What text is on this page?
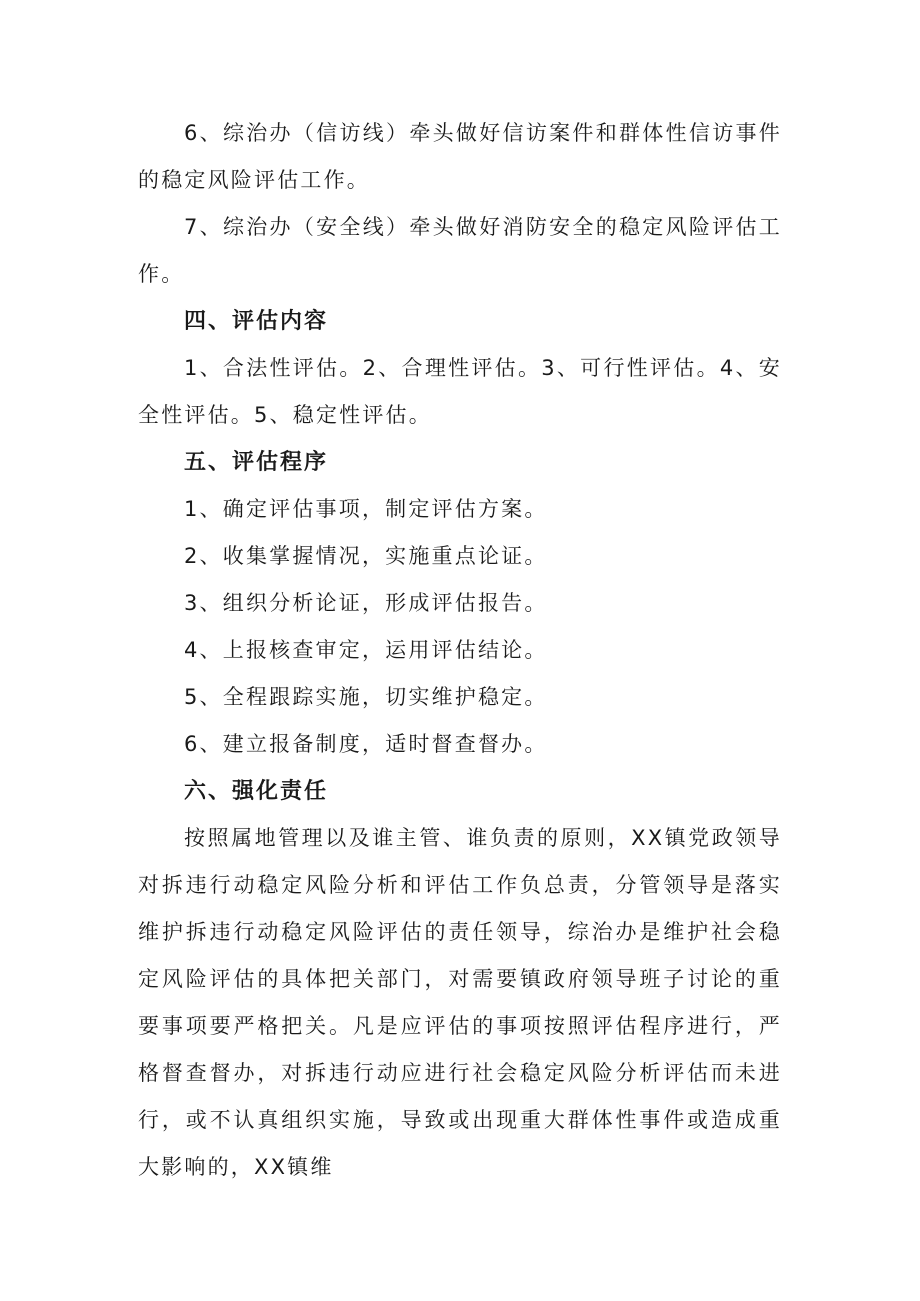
6、综治办（信访线）牵头做好信访案件和群体性信访事件的稳定风险评估工作。

7、综治办（安全线）牵头做好消防安全的稳定风险评估工作。

四、评估内容

1、合法性评估。2、合理性评估。3、可行性评估。4、安全性评估。5、稳定性评估。

五、评估程序

1、确定评估事项，制定评估方案。

2、收集掌握情况，实施重点论证。

3、组织分析论证，形成评估报告。

4、上报核查审定，运用评估结论。

5、全程跟踪实施，切实维护稳定。

6、建立报备制度，适时督查督办。

六、强化责任

按照属地管理以及谁主管、谁负责的原则，XX镇党政领导对拆违行动稳定风险分析和评估工作负总责，分管领导是落实维护拆违行动稳定风险评估的责任领导，综治办是维护社会稳定风险评估的具体把关部门，对需要镇政府领导班子讨论的重要事项要严格把关。凡是应评估的事项按照评估程序进行，严格督查督办，对拆违行动应进行社会稳定风险分析评估而未进行，或不认真组织实施，导致或出现重大群体性事件或造成重大影响的，XX镇维
